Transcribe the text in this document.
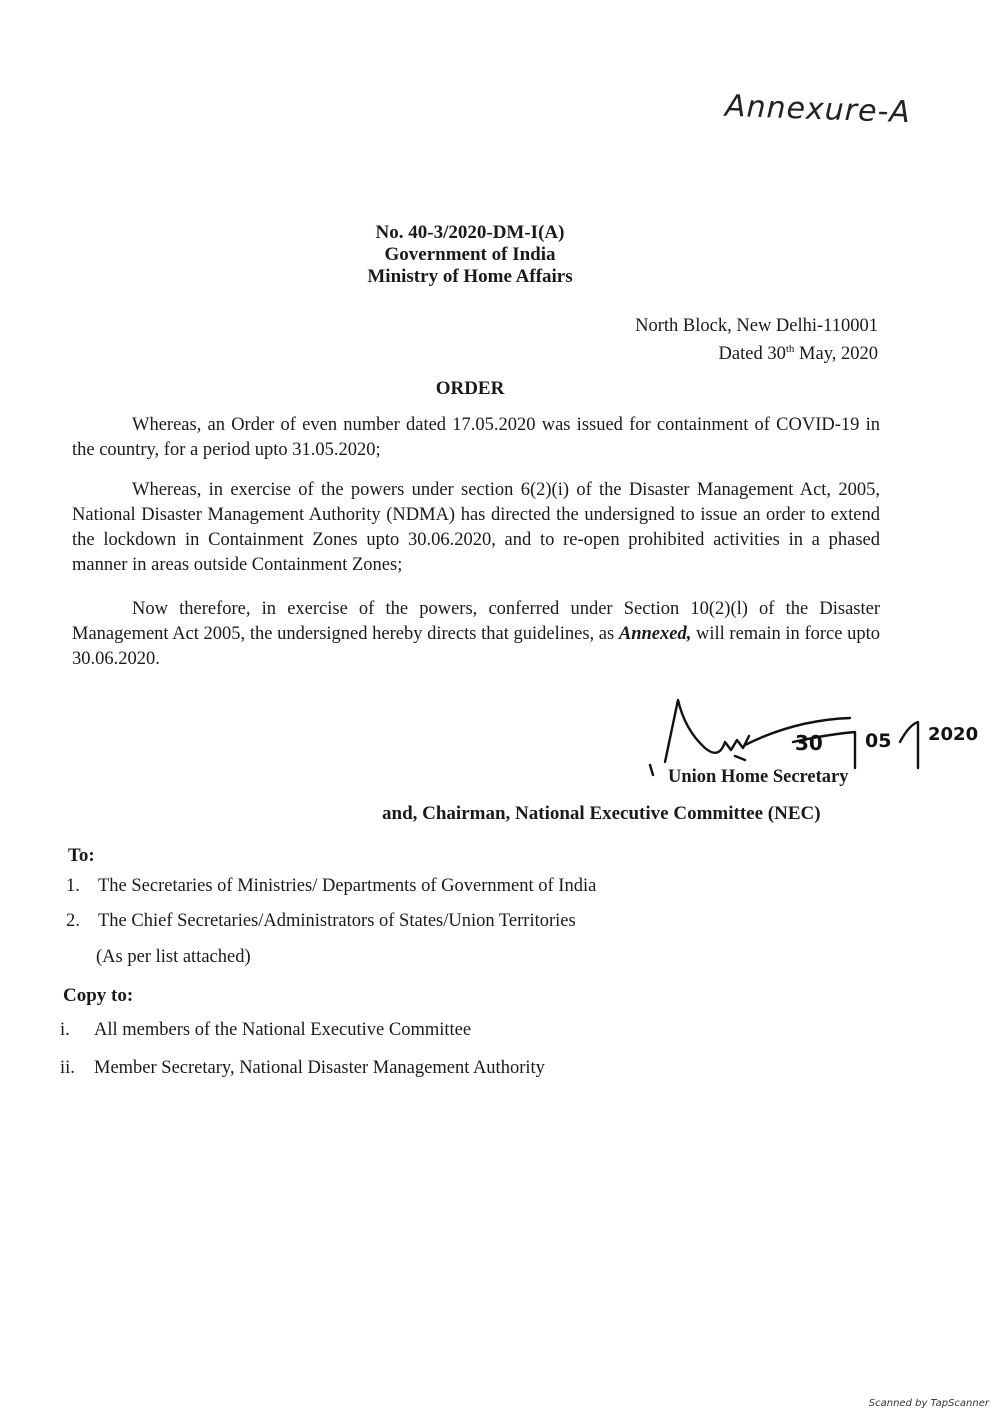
Annexure-A
No. 40-3/2020-DM-I(A)
Government of India
Ministry of Home Affairs
North Block, New Delhi-110001
Dated 30th May, 2020
ORDER
Whereas, an Order of even number dated 17.05.2020 was issued for containment of COVID-19 in the country, for a period upto 31.05.2020;
Whereas, in exercise of the powers under section 6(2)(i) of the Disaster Management Act, 2005, National Disaster Management Authority (NDMA) has directed the undersigned to issue an order to extend the lockdown in Containment Zones upto 30.06.2020, and to re-open prohibited activities in a phased manner in areas outside Containment Zones;
Now therefore, in exercise of the powers, conferred under Section 10(2)(l) of the Disaster Management Act 2005, the undersigned hereby directs that guidelines, as Annexed, will remain in force upto 30.06.2020.
30 05 2020
Union Home Secretary
and, Chairman, National Executive Committee (NEC)
To:
1. The Secretaries of Ministries/ Departments of Government of India
2. The Chief Secretaries/Administrators of States/Union Territories
(As per list attached)
Copy to:
i. All members of the National Executive Committee
ii. Member Secretary, National Disaster Management Authority
Scanned by TapScanner
